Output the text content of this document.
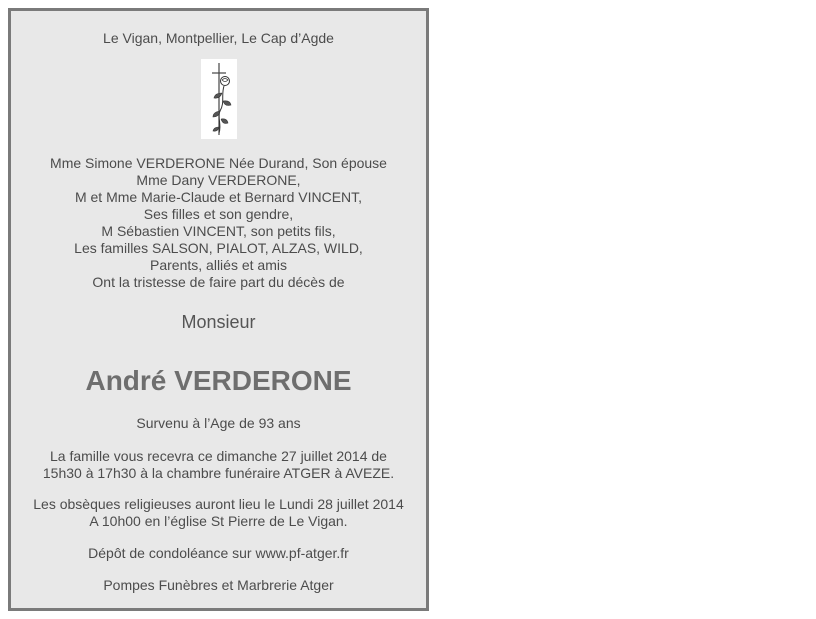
Le Vigan, Montpellier, Le Cap d’Agde
Mme Simone VERDERONE Née Durand, Son épouse
Mme Dany VERDERONE,
M et Mme Marie-Claude et Bernard VINCENT,
Ses filles et son gendre,
M Sébastien VINCENT, son petits fils,
Les familles SALSON, PIALOT, ALZAS, WILD,
Parents, alliés et amis
Ont la tristesse de faire part du décès de
Monsieur
André VERDERONE
Survenu à l’Age de 93 ans
La famille vous recevra ce dimanche 27 juillet 2014 de
15h30 à 17h30 à la chambre funéraire ATGER à AVEZE.
Les obsèques religieuses auront lieu le Lundi 28 juillet 2014
A 10h00 en l’église St Pierre de Le Vigan.
Dépôt de condoléance sur www.pf-atger.fr
Pompes Funèbres et Marbrerie Atger
